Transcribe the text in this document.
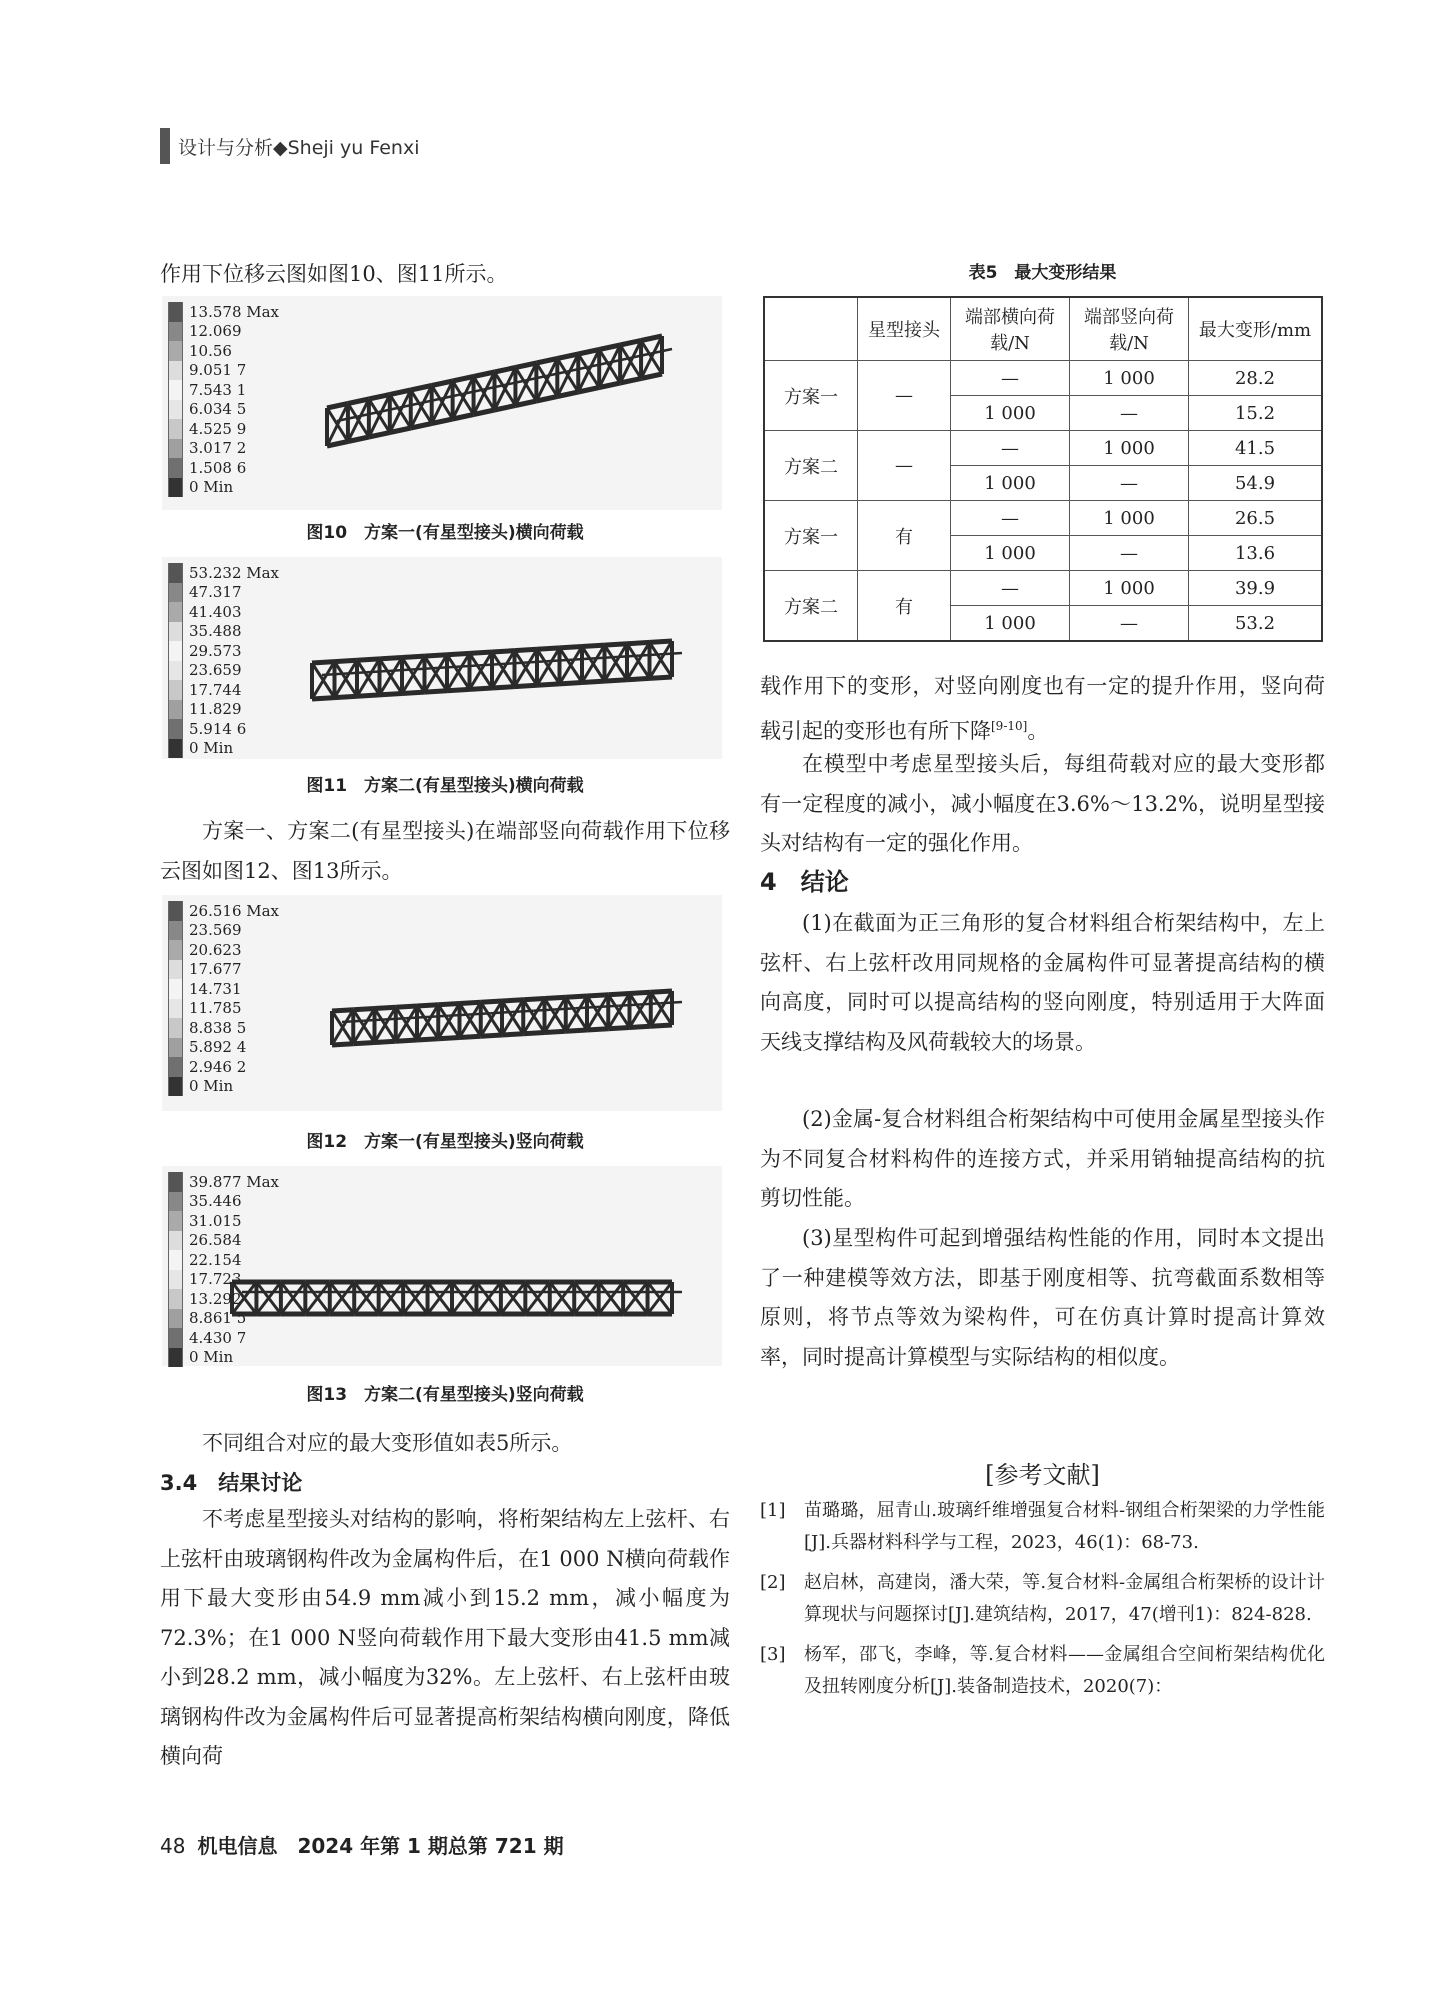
设计与分析◆Sheji yu Fenxi

作用下位移云图如图10、图11所示。

13.578 Max
12.069
10.56
9.051 7
7.543 1
6.034 5
4.525 9
3.017 2
1.508 6
0 Min
图10　方案一(有星型接头)横向荷载
53.232 Max
47.317
41.403
35.488
29.573
23.659
17.744
11.829
5.914 6
0 Min
图11　方案二(有星型接头)横向荷载

方案一、方案二(有星型接头)在端部竖向荷载作用下位移云图如图12、图13所示。

26.516 Max
23.569
20.623
17.677
14.731
11.785
8.838 5
5.892 4
2.946 2
0 Min
图12　方案一(有星型接头)竖向荷载
39.877 Max
35.446
31.015
26.584
22.154
17.723
13.292
8.861 5
4.430 7
0 Min
图13　方案二(有星型接头)竖向荷载

不同组合对应的最大变形值如表5所示。

3.4　结果讨论

不考虑星型接头对结构的影响，将桁架结构左上弦杆、右上弦杆由玻璃钢构件改为金属构件后，在1 000 N横向荷载作用下最大变形由54.9 mm减小到15.2 mm，减小幅度为72.3%；在1 000 N竖向荷载作用下最大变形由41.5 mm减小到28.2 mm，减小幅度为32%。左上弦杆、右上弦杆由玻璃钢构件改为金属构件后可显著提高桁架结构横向刚度，降低横向荷

表5　最大变形结果
	星型接头	端部横向荷载/N	端部竖向荷载/N	最大变形/mm
方案一	—	—	1 000	28.2
		1 000	—	15.2
方案二	—	—	1 000	41.5
		1 000	—	54.9
方案一	有	—	1 000	26.5
		1 000	—	13.6
方案二	有	—	1 000	39.9
		1 000	—	53.2

载作用下的变形，对竖向刚度也有一定的提升作用，竖向荷载引起的变形也有所下降[9-10]。

在模型中考虑星型接头后，每组荷载对应的最大变形都有一定程度的减小，减小幅度在3.6%～13.2%，说明星型接头对结构有一定的强化作用。

4　结论

(1)在截面为正三角形的复合材料组合桁架结构中，左上弦杆、右上弦杆改用同规格的金属构件可显著提高结构的横向高度，同时可以提高结构的竖向刚度，特别适用于大阵面天线支撑结构及风荷载较大的场景。

(2)金属-复合材料组合桁架结构中可使用金属星型接头作为不同复合材料构件的连接方式，并采用销轴提高结构的抗剪切性能。

(3)星型构件可起到增强结构性能的作用，同时本文提出了一种建模等效方法，即基于刚度相等、抗弯截面系数相等原则，将节点等效为梁构件，可在仿真计算时提高计算效率，同时提高计算模型与实际结构的相似度。

[参考文献]
[1]	苗璐璐，屈青山.玻璃纤维增强复合材料-钢组合桁架梁的力学性能[J].兵器材料科学与工程，2023，46(1)：68-73.
[2]	赵启林，高建岗，潘大荣，等.复合材料-金属组合桁架桥的设计计算现状与问题探讨[J].建筑结构，2017，47(增刊1)：824-828.
[3]	杨军，邵飞，李峰，等.复合材料——金属组合空间桁架结构优化及扭转刚度分析[J].装备制造技术，2020(7)：
48 机电信息　2024 年第 1 期总第 721 期
